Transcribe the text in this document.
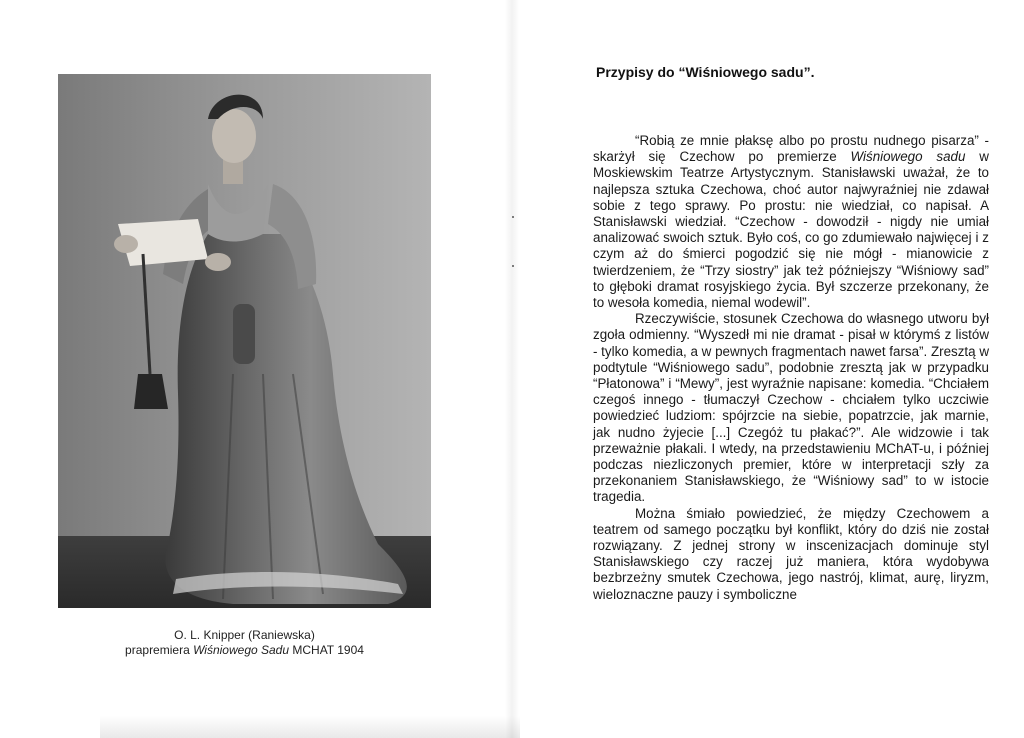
O. L. Knipper (Raniewska)
prapremiera Wiśniowego Sadu MCHAT 1904
Przypisy do “Wiśniowego sadu”.

“Robią ze mnie płaksę albo po prostu nudnego pisarza” -skarżył się Czechow po premierze Wiśniowego sadu w Moskiewskim Teatrze Artystycznym. Stanisławski uważał, że to najlepsza sztuka Czechowa, choć autor najwyraźniej nie zdawał sobie z tego sprawy. Po prostu: nie wiedział, co napisał. A Stanisławski wiedział. “Czechow - dowodził - nigdy nie umiał analizować swoich sztuk. Było coś, co go zdumiewało najwięcej i z czym aż do śmierci pogodzić się nie mógł - mianowicie z twierdzeniem, że “Trzy siostry” jak też późniejszy “Wiśniowy sad” to głęboki dramat rosyjskiego życia. Był szczerze przekonany, że to wesoła komedia, niemal wodewil”.

Rzeczywiście, stosunek Czechowa do własnego utworu był zgoła odmienny. “Wyszedł mi nie dramat - pisał w którymś z listów - tylko komedia, a w pewnych fragmentach nawet farsa”. Zresztą w podtytule “Wiśniowego sadu”, podobnie zresztą jak w przypadku “Płatonowa” i “Mewy”, jest wyraźnie napisane: komedia. “Chciałem czegoś innego - tłumaczył Czechow - chciałem tylko uczciwie powiedzieć ludziom: spójrzcie na siebie, popatrzcie, jak marnie, jak nudno żyjecie [...] Czegóż tu płakać?”. Ale widzowie i tak przeważnie płakali. I wtedy, na przedstawieniu MChAT-u, i później podczas niezliczonych premier, które w interpretacji szły za przekonaniem Stanisławskiego, że “Wiśniowy sad” to w istocie tragedia.

Można śmiało powiedzieć, że między Czechowem a teatrem od samego początku był konflikt, który do dziś nie został rozwiązany. Z jednej strony w inscenizacjach dominuje styl Stanisławskiego czy raczej już maniera, która wydobywa bezbrzeżny smutek Czechowa, jego nastrój, klimat, aurę, liryzm, wieloznaczne pauzy i symboliczne
